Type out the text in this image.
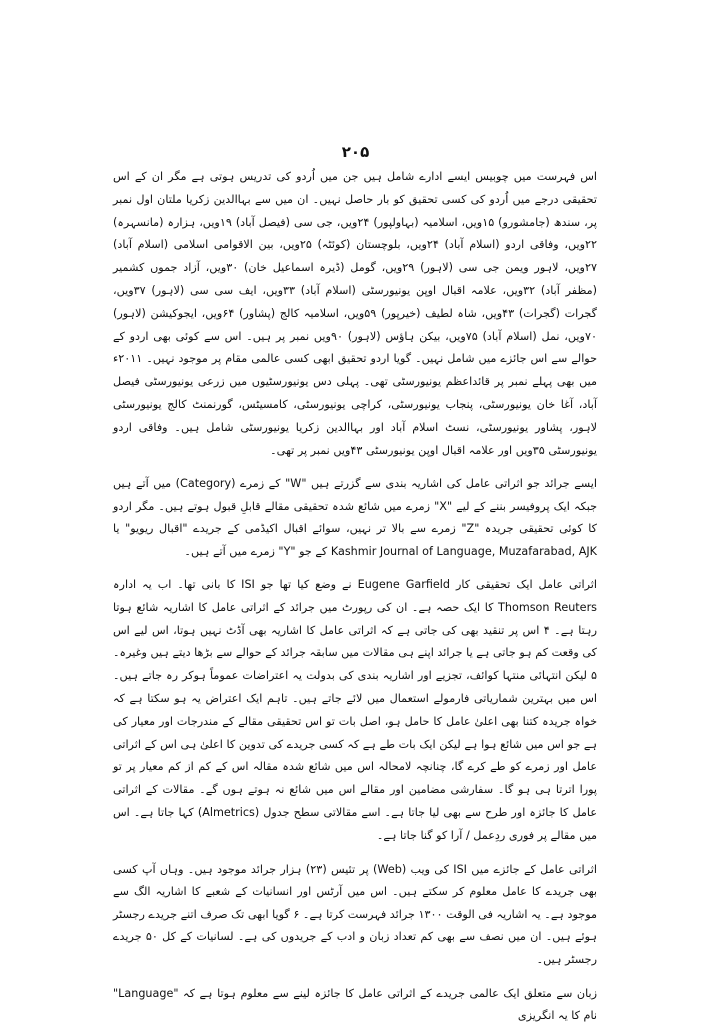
۲۰۵

اس فہرست میں چوبیس ایسے ادارے شامل ہیں جن میں اُردو کی تدریس ہوتی ہے مگر ان کے اس تحقیقی درجے میں اُردو کی کسی تحقیق کو بار حاصل نہیں۔ ان میں سے بہاالدین زکریا ملتان اول نمبر پر، سندھ (جامشورو) ۱۵ویں، اسلامیہ (بہاولپور) ۲۴ویں، جی سی (فیصل آباد) ۱۹ویں، ہزارہ (مانسہرہ) ۲۲ویں، وفاقی اردو (اسلام آباد) ۲۴ویں، بلوچستان (کوئٹہ) ۲۵ویں، بین الاقوامی اسلامی (اسلام آباد) ۲۷ویں، لاہور ویمن جی سی (لاہور) ۲۹ویں، گومل (ڈیرہ اسماعیل خان) ۳۰ویں، آزاد جموں کشمیر (مظفر آباد) ۳۲ویں، علامہ اقبال اوپن یونیورسٹی (اسلام آباد) ۳۳ویں، ایف سی سی (لاہور) ۳۷ویں، گجرات (گجرات) ۴۳ویں، شاہ لطیف (خیرپور) ۵۹ویں، اسلامیہ کالج (پشاور) ۶۴ویں، ایجوکیشن (لاہور) ۷۰ویں، نمل (اسلام آباد) ۷۵ویں، بیکن ہاؤس (لاہور) ۹۰ویں نمبر پر ہیں۔ اس سے کوئی بھی اردو کے حوالے سے اس جائزے میں شامل نہیں۔ گویا اردو تحقیق ابھی کسی عالمی مقام پر موجود نہیں۔ ۲۰۱۱ء میں بھی پہلے نمبر پر قائداعظم یونیورسٹی تھی۔ پہلی دس یونیورسٹیوں میں زرعی یونیورسٹی فیصل آباد، آغا خان یونیورسٹی، پنجاب یونیورسٹی، کراچی یونیورسٹی، کامسیٹس، گورنمنٹ کالج یونیورسٹی لاہور، پشاور یونیورسٹی، نسٹ اسلام آباد اور بہاالدین زکریا یونیورسٹی شامل ہیں۔ وفاقی اردو یونیورسٹی ۳۵ویں اور علامہ اقبال اوپن یونیورسٹی ۴۳ویں نمبر پر تھی۔

ایسے جرائد جو اثراتی عامل کی اشاریہ بندی سے گزرتے ہیں "W" کے زمرے (Category) میں آتے ہیں جبکہ ایک پروفیسر بننے کے لیے "X" زمرے میں شائع شدہ تحقیقی مقالے قابلِ قبول ہوتے ہیں۔ مگر اردو کا کوئی تحقیقی جریدہ "Z" زمرے سے بالا تر نہیں، سوائے اقبال اکیڈمی کے جریدے "اقبال ریویو" یا Kashmir Journal of Language, Muzafarabad, AJK کے جو "Y" زمرے میں آتے ہیں۔

اثراتی عامل ایک تحقیقی کار Eugene Garfield نے وضع کیا تھا جو ISI کا بانی تھا۔ اب یہ ادارہ Thomson Reuters کا ایک حصہ ہے۔ ان کی رپورٹ میں جرائد کے اثراتی عامل کا اشاریہ شائع ہوتا رہتا ہے۔ ۴ اس پر تنقید بھی کی جاتی ہے کہ اثراتی عامل کا اشاریہ بھی آڈٹ نہیں ہوتا، اس لیے اس کی وقعت کم ہو جاتی ہے یا جرائد اپنے ہی مقالات میں سابقہ جرائد کے حوالے سے بڑھا دیتے ہیں وغیرہ۔ ۵ لیکن انتہائی منتہا کوائف، تجزیے اور اشاریہ بندی کی بدولت یہ اعتراضات عموماً ہوکر رہ جاتے ہیں۔ اس میں بہترین شماریاتی فارمولے استعمال میں لائے جاتے ہیں۔ تاہم ایک اعتراض یہ ہو سکتا ہے کہ خواہ جریدہ کتنا بھی اعلیٰ عامل کا حامل ہو، اصل بات تو اس تحقیقی مقالے کے مندرجات اور معیار کی ہے جو اس میں شائع ہوا ہے لیکن ایک بات طے ہے کہ کسی جریدے کی تدوین کا اعلیٰ ہی اس کے اثراتی عامل اور زمرے کو طے کرے گا، چنانچہ لامحالہ اس میں شائع شدہ مقالہ اس کے کم از کم معیار پر تو پورا اترتا ہی ہو گا۔ سفارشی مضامین اور مقالے اس میں شائع نہ ہوتے ہوں گے۔ مقالات کے اثراتی عامل کا جائزہ اور طرح سے بھی لیا جاتا ہے۔ اسے مقالاتی سطح جدول (Almetrics) کہا جاتا ہے۔ اس میں مقالے پر فوری ردِعمل / آرا کو گنا جاتا ہے۔

اثراتی عامل کے جائزے میں ISI کی ویب (Web) پر تئیس (۲۳) ہزار جرائد موجود ہیں۔ وہاں آپ کسی بھی جریدے کا عامل معلوم کر سکتے ہیں۔ اس میں آرٹس اور انسانیات کے شعبے کا اشاریہ الگ سے موجود ہے۔ یہ اشاریہ فی الوقت ۱۳۰۰ جرائد فہرست کرتا ہے۔ ۶ گویا ابھی تک صرف اتنے جریدے رجسٹر ہوئے ہیں۔ ان میں نصف سے بھی کم تعداد زبان و ادب کے جریدوں کی ہے۔ لسانیات کے کل ۵۰ جریدے رجسٹر ہیں۔

زبان سے متعلق ایک عالمی جریدے کے اثراتی عامل کا جائزہ لینے سے معلوم ہوتا ہے کہ "Language" نام کا یہ انگریزی
